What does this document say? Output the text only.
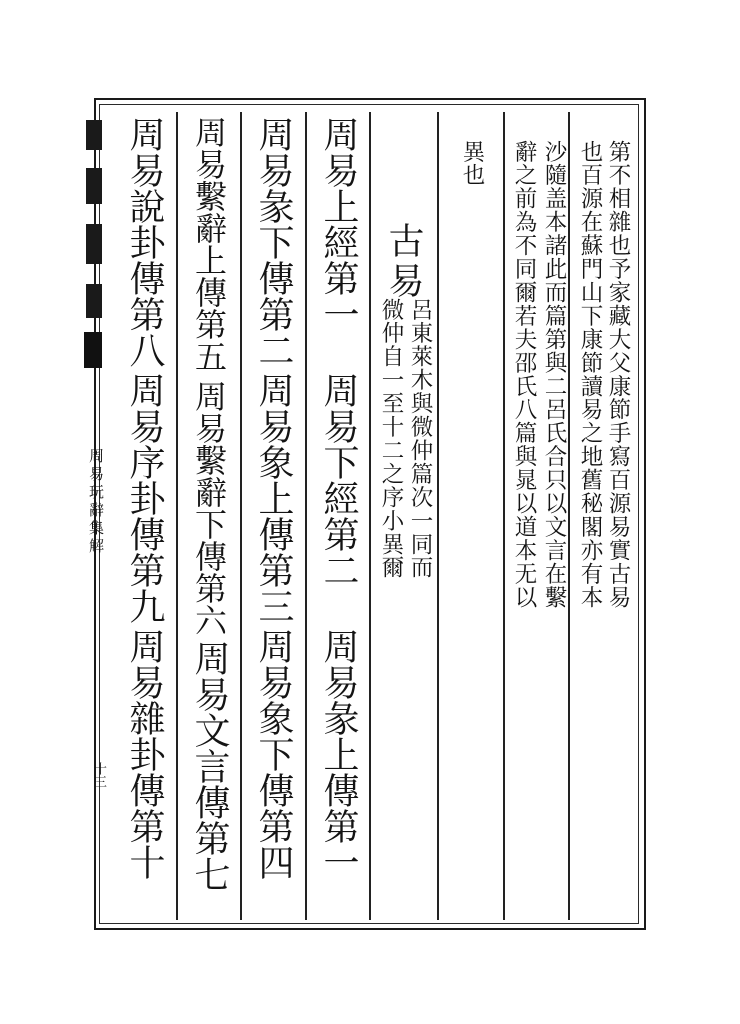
周易玩辭集解
十三
第不相雜也予家藏大父康節手寫百源易實古易
也百源在蘇門山下康節讀易之地舊秘閣亦有本
沙隨盖本諸此而篇第與二呂氏合只以文言在繫
辭之前為不同爾若夫邵氏八篇與晁以道本无以
異也
古易
呂東萊木與微仲篇次一同而
微仲自一至十二之序小異爾
周易上經第一
周易下經第二
周易彖上傳第一
周易彖下傳第二
周易象上傳第三
周易象下傳第四
周易繫辭上傳第五
周易繫辭下傳第六
周易文言傳第七
周易說卦傳第八
周易序卦傳第九
周易雜卦傳第十
